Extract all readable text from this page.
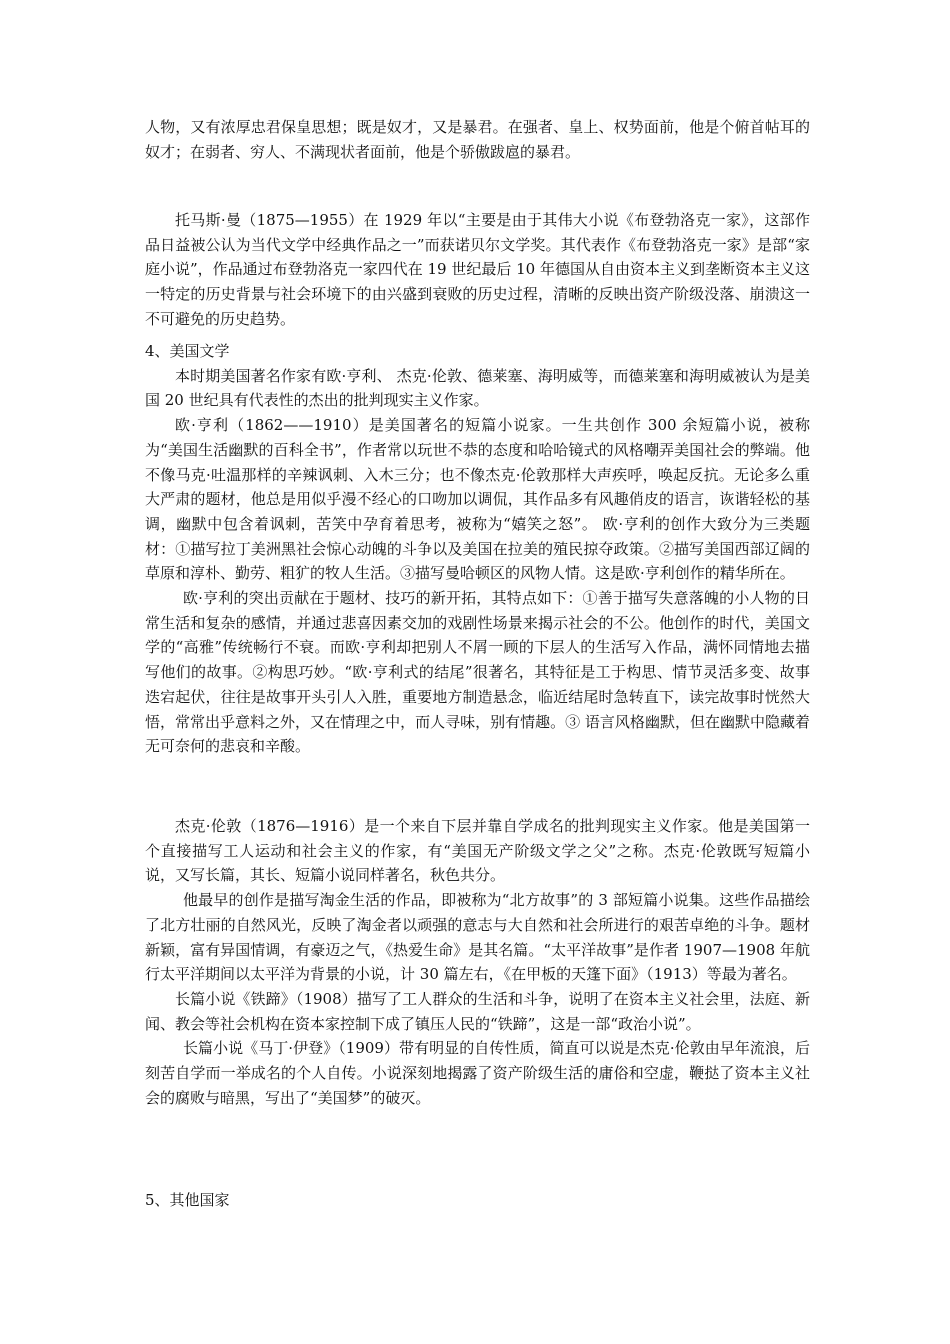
人物，又有浓厚忠君保皇思想；既是奴才，又是暴君。在强者、皇上、权势面前，他是个俯首帖耳的奴才；在弱者、穷人、不满现状者面前，他是个骄傲跋扈的暴君。

托马斯·曼（1875—1955）在 1929 年以“主要是由于其伟大小说《布登勃洛克一家》，这部作品日益被公认为当代文学中经典作品之一”而获诺贝尔文学奖。其代表作《布登勃洛克一家》是部“家庭小说”，作品通过布登勃洛克一家四代在 19 世纪最后 10 年德国从自由资本主义到垄断资本主义这一特定的历史背景与社会环境下的由兴盛到衰败的历史过程，清晰的反映出资产阶级没落、崩溃这一不可避免的历史趋势。

4、美国文学

本时期美国著名作家有欧·亨利、 杰克·伦敦、德莱塞、海明威等，而德莱塞和海明威被认为是美国 20 世纪具有代表性的杰出的批判现实主义作家。

欧·亨利（1862——1910）是美国著名的短篇小说家。一生共创作 300 余短篇小说，被称为“美国生活幽默的百科全书”，作者常以玩世不恭的态度和哈哈镜式的风格嘲弄美国社会的弊端。他不像马克·吐温那样的辛辣讽刺、入木三分；也不像杰克·伦敦那样大声疾呼，唤起反抗。无论多么重大严肃的题材，他总是用似乎漫不经心的口吻加以调侃，其作品多有风趣俏皮的语言，诙谐轻松的基调，幽默中包含着讽刺，苦笑中孕育着思考，被称为“嬉笑之怒”。 欧·亨利的创作大致分为三类题材：①描写拉丁美洲黑社会惊心动魄的斗争以及美国在拉美的殖民掠夺政策。②描写美国西部辽阔的草原和淳朴、勤劳、粗犷的牧人生活。③描写曼哈顿区的风物人情。这是欧·亨利创作的精华所在。

欧·亨利的突出贡献在于题材、技巧的新开拓，其特点如下：①善于描写失意落魄的小人物的日常生活和复杂的感情，并通过悲喜因素交加的戏剧性场景来揭示社会的不公。他创作的时代，美国文学的“高雅”传统畅行不衰。而欧·亨利却把别人不屑一顾的下层人的生活写入作品，满怀同情地去描写他们的故事。②构思巧妙。“欧·亨利式的结尾”很著名，其特征是工于构思、情节灵活多变、故事迭宕起伏，往往是故事开头引人入胜，重要地方制造悬念，临近结尾时急转直下，读完故事时恍然大悟，常常出乎意料之外，又在情理之中，而人寻味，别有情趣。③ 语言风格幽默，但在幽默中隐藏着无可奈何的悲哀和辛酸。

杰克·伦敦（1876—1916）是一个来自下层并靠自学成名的批判现实主义作家。他是美国第一个直接描写工人运动和社会主义的作家，有“美国无产阶级文学之父”之称。杰克·伦敦既写短篇小说，又写长篇，其长、短篇小说同样著名，秋色共分。

他最早的创作是描写淘金生活的作品，即被称为“北方故事”的 3 部短篇小说集。这些作品描绘了北方壮丽的自然风光，反映了淘金者以顽强的意志与大自然和社会所进行的艰苦卓绝的斗争。题材新颖，富有异国情调，有豪迈之气，《热爱生命》是其名篇。“太平洋故事”是作者 1907—1908 年航行太平洋期间以太平洋为背景的小说，计 30 篇左右，《在甲板的天篷下面》（1913）等最为著名。

长篇小说《铁蹄》（1908）描写了工人群众的生活和斗争，说明了在资本主义社会里，法庭、新闻、教会等社会机构在资本家控制下成了镇压人民的“铁蹄”，这是一部“政治小说”。

长篇小说《马丁·伊登》（1909）带有明显的自传性质，简直可以说是杰克·伦敦由早年流浪，后刻苦自学而一举成名的个人自传。小说深刻地揭露了资产阶级生活的庸俗和空虚，鞭挞了资本主义社会的腐败与暗黑，写出了“美国梦”的破灭。

5、其他国家
